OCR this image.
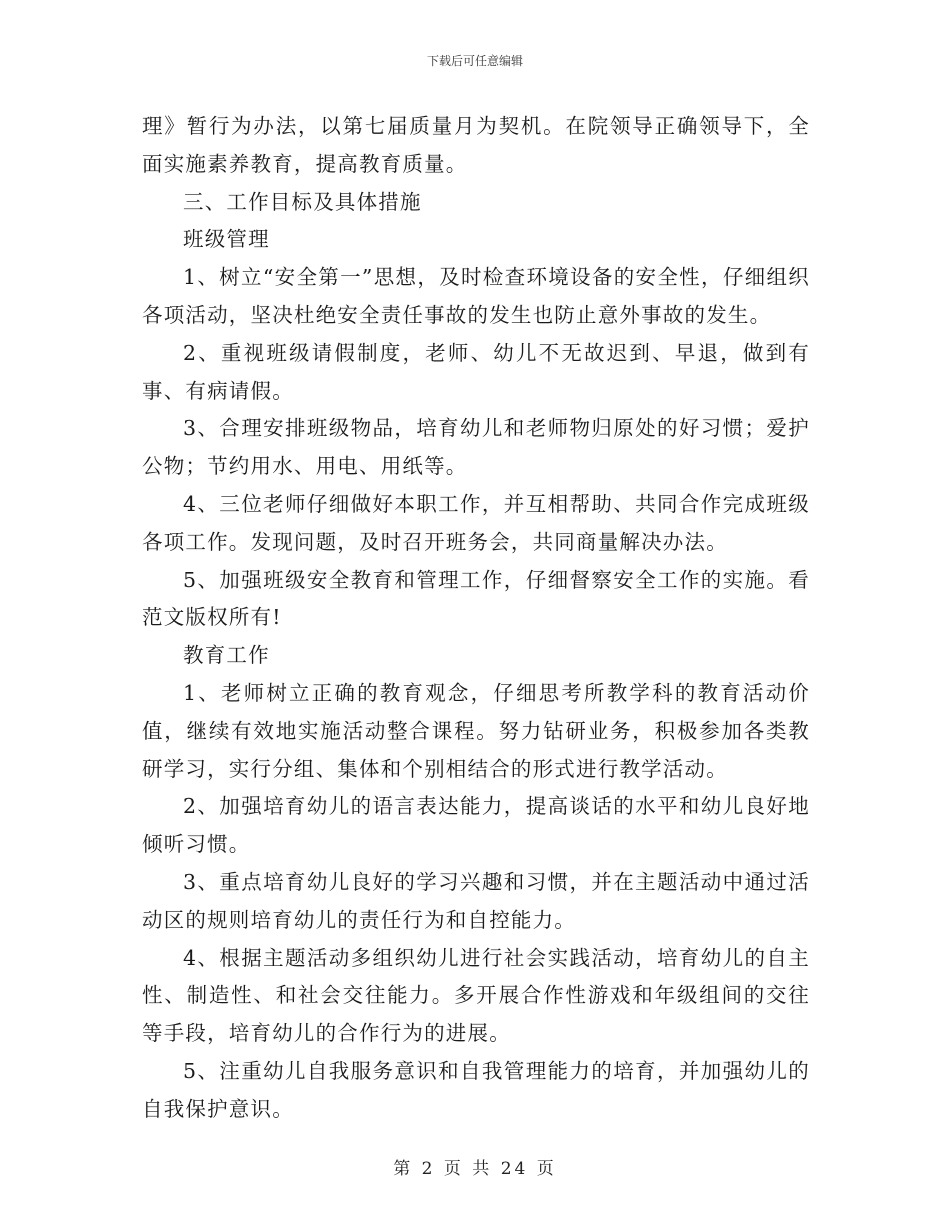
下载后可任意编辑

理》暂行为办法，以第七届质量月为契机。在院领导正确领导下，全面实施素养教育，提高教育质量。

三、工作目标及具体措施

班级管理

1、树立“安全第一”思想，及时检查环境设备的安全性，仔细组织各项活动，坚决杜绝安全责任事故的发生也防止意外事故的发生。

2、重视班级请假制度，老师、幼儿不无故迟到、早退，做到有事、有病请假。

3、合理安排班级物品，培育幼儿和老师物归原处的好习惯；爱护公物；节约用水、用电、用纸等。

4、三位老师仔细做好本职工作，并互相帮助、共同合作完成班级各项工作。发现问题，及时召开班务会，共同商量解决办法。

5、加强班级安全教育和管理工作，仔细督察安全工作的实施。看范文版权所有!

教育工作

1、老师树立正确的教育观念，仔细思考所教学科的教育活动价值，继续有效地实施活动整合课程。努力钻研业务，积极参加各类教研学习，实行分组、集体和个别相结合的形式进行教学活动。

2、加强培育幼儿的语言表达能力，提高谈话的水平和幼儿良好地倾听习惯。

3、重点培育幼儿良好的学习兴趣和习惯，并在主题活动中通过活动区的规则培育幼儿的责任行为和自控能力。

4、根据主题活动多组织幼儿进行社会实践活动，培育幼儿的自主性、制造性、和社会交往能力。多开展合作性游戏和年级组间的交往等手段，培育幼儿的合作行为的进展。

5、注重幼儿自我服务意识和自我管理能力的培育，并加强幼儿的自我保护意识。

第 2 页 共 24 页
